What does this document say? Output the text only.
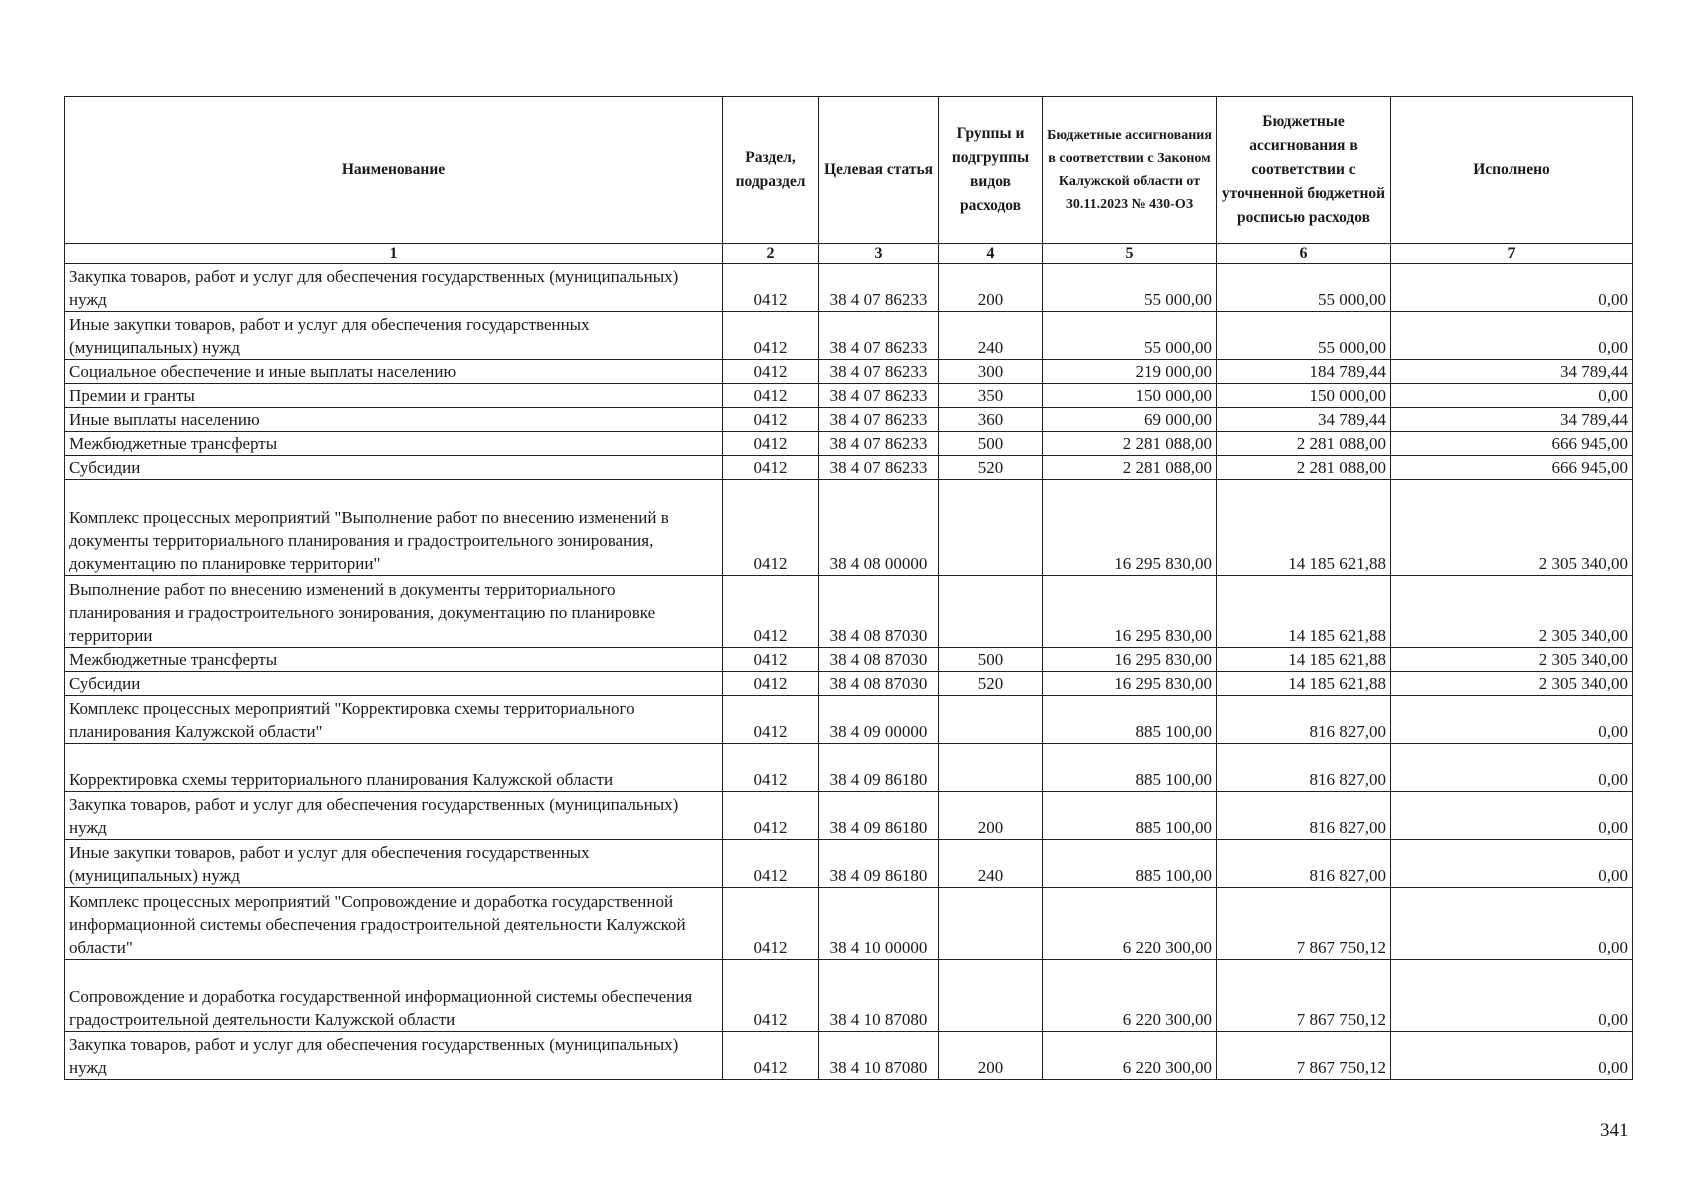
Наименование	Раздел, подраздел	Целевая статья	Группы и подгруппы видов расходов	Бюджетные ассигнования в соответствии с Законом Калужской области от 30.11.2023 № 430-ОЗ	Бюджетные ассигнования в соответствии с уточненной бюджетной росписью расходов	Исполнено
1	2	3	4	5	6	7
Закупка товаров, работ и услуг для обеспечения государственных (муниципальных) нужд	0412	38 4 07 86233	200	55 000,00	55 000,00	0,00
Иные закупки товаров, работ и услуг для обеспечения государственных (муниципальных) нужд	0412	38 4 07 86233	240	55 000,00	55 000,00	0,00
Социальное обеспечение и иные выплаты населению	0412	38 4 07 86233	300	219 000,00	184 789,44	34 789,44
Премии и гранты	0412	38 4 07 86233	350	150 000,00	150 000,00	0,00
Иные выплаты населению	0412	38 4 07 86233	360	69 000,00	34 789,44	34 789,44
Межбюджетные трансферты	0412	38 4 07 86233	500	2 281 088,00	2 281 088,00	666 945,00
Субсидии	0412	38 4 07 86233	520	2 281 088,00	2 281 088,00	666 945,00
Комплекс процессных мероприятий "Выполнение работ по внесению изменений в документы территориального планирования и градостроительного зонирования, документацию по планировке территории"	0412	38 4 08 00000		16 295 830,00	14 185 621,88	2 305 340,00
Выполнение работ по внесению изменений в документы территориального планирования и градостроительного зонирования, документацию по планировке территории	0412	38 4 08 87030		16 295 830,00	14 185 621,88	2 305 340,00
Межбюджетные трансферты	0412	38 4 08 87030	500	16 295 830,00	14 185 621,88	2 305 340,00
Субсидии	0412	38 4 08 87030	520	16 295 830,00	14 185 621,88	2 305 340,00
Комплекс процессных мероприятий "Корректировка схемы территориального планирования Калужской области"	0412	38 4 09 00000		885 100,00	816 827,00	0,00
Корректировка схемы территориального планирования Калужской области	0412	38 4 09 86180		885 100,00	816 827,00	0,00
Закупка товаров, работ и услуг для обеспечения государственных (муниципальных) нужд	0412	38 4 09 86180	200	885 100,00	816 827,00	0,00
Иные закупки товаров, работ и услуг для обеспечения государственных (муниципальных) нужд	0412	38 4 09 86180	240	885 100,00	816 827,00	0,00
Комплекс процессных мероприятий "Сопровождение и доработка государственной информационной системы обеспечения градостроительной деятельности Калужской области"	0412	38 4 10 00000		6 220 300,00	7 867 750,12	0,00
Сопровождение и доработка государственной информационной системы обеспечения градостроительной деятельности Калужской области	0412	38 4 10 87080		6 220 300,00	7 867 750,12	0,00
Закупка товаров, работ и услуг для обеспечения государственных (муниципальных) нужд	0412	38 4 10 87080	200	6 220 300,00	7 867 750,12	0,00
341
